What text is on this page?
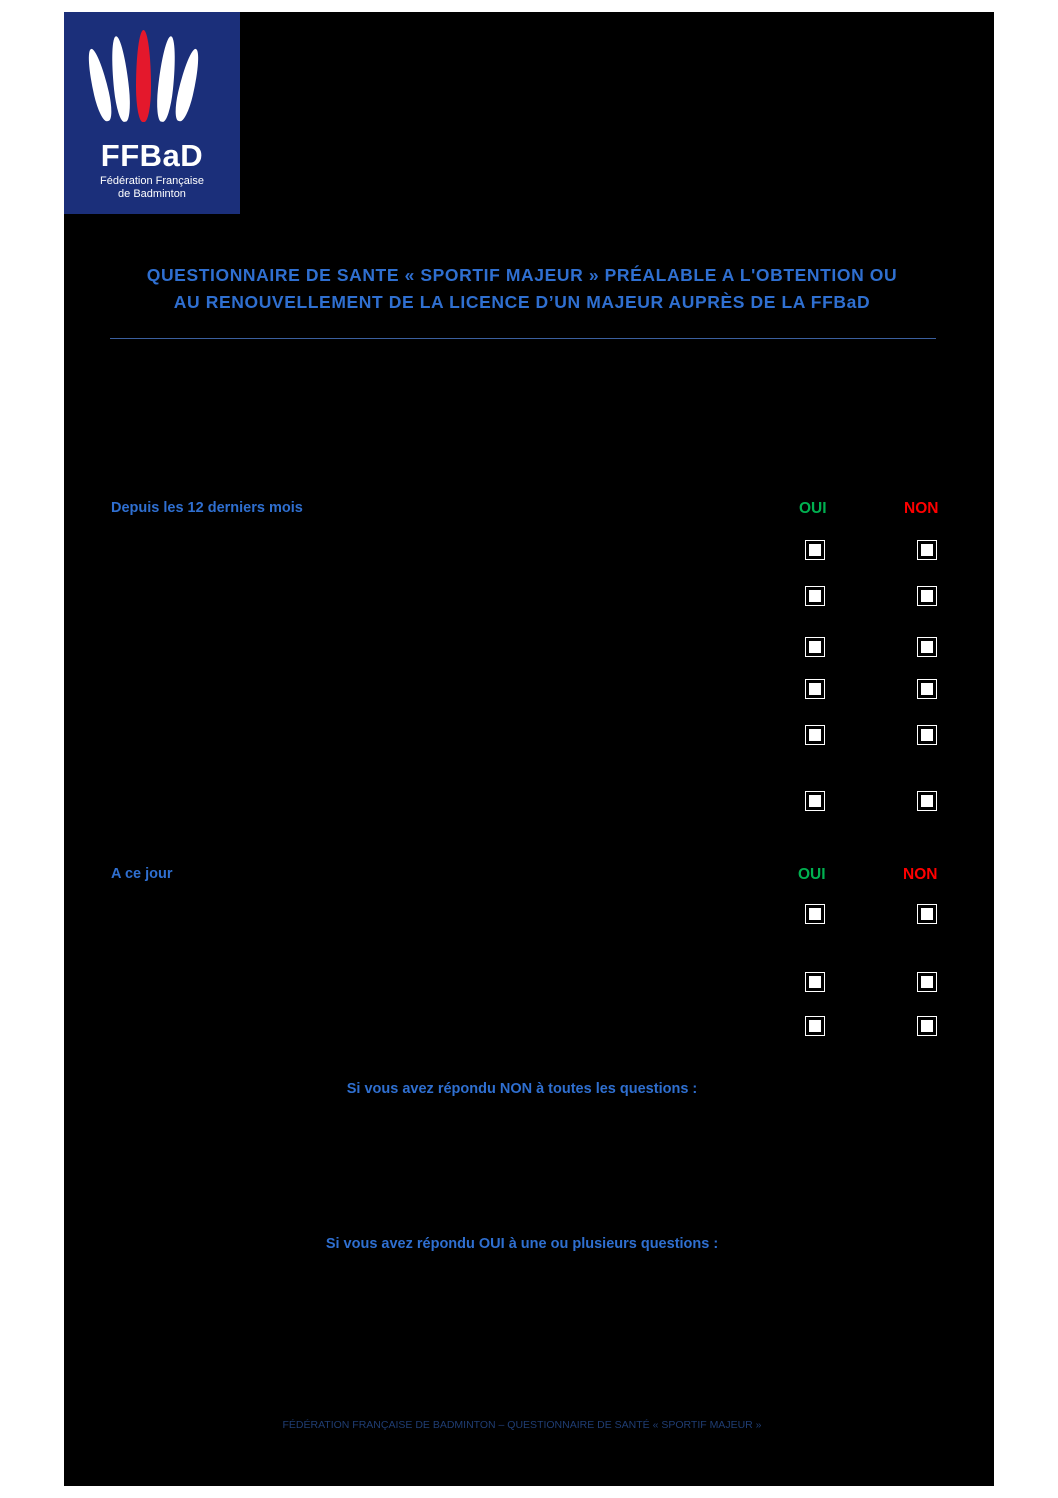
FFBaD
Fédération Française
de Badminton
QUESTIONNAIRE DE SANTE « SPORTIF MAJEUR » PRÉALABLE A L'OBTENTION OU
AU RENOUVELLEMENT DE LA LICENCE D’UN MAJEUR AUPRÈS DE LA FFBaD
Depuis les 12 derniers mois	OUI	NON
A ce jour	OUI	NON
Si vous avez répondu NON à toutes les questions :
Si vous avez répondu OUI à une ou plusieurs questions :
FÉDÉRATION FRANÇAISE DE BADMINTON – QUESTIONNAIRE DE SANTÉ « SPORTIF MAJEUR »
